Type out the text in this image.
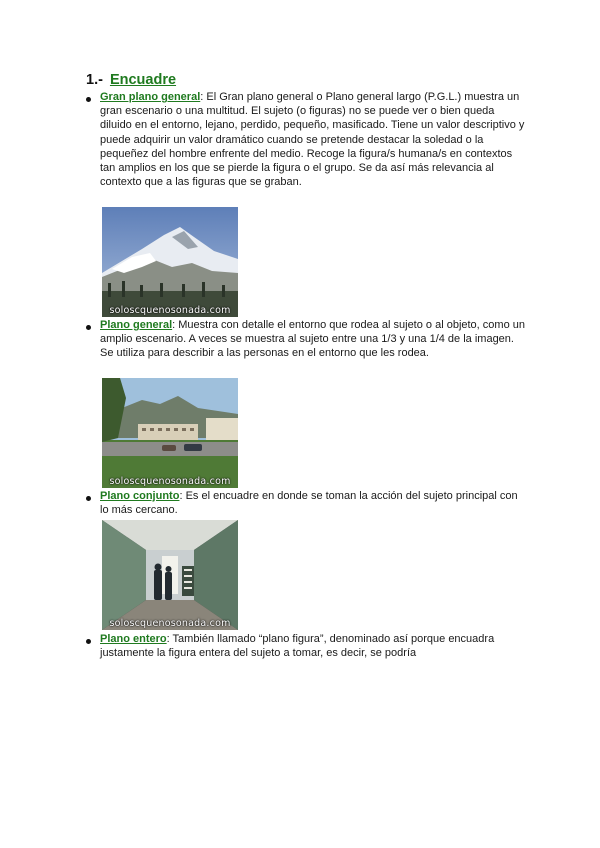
1.- Encuadre
Gran plano general: El Gran plano general o Plano general largo (P.G.L.) muestra un gran escenario o una multitud. El sujeto (o figuras) no se puede ver o bien queda diluido en el entorno, lejano, perdido, pequeño, masificado. Tiene un valor descriptivo y puede adquirir un valor dramático cuando se pretende destacar la soledad o la pequeñez del hombre enfrente del medio. Recoge la figura/s humana/s en contextos tan amplios en los que se pierde la figura o el grupo. Se da así más relevancia al contexto que a las figuras que se graban.
soloscquenosonada.com
Plano general: Muestra con detalle el entorno que rodea al sujeto o al objeto, como un amplio escenario. A veces se muestra al sujeto entre una 1/3 y una 1/4 de la imagen. Se utiliza para describir a las personas en el entorno que les rodea.
soloscquenosonada.com
Plano conjunto: Es el encuadre en donde se toman la acción del sujeto principal con lo más cercano.
soloscquenosonada.com
Plano entero: También llamado “plano figura”, denominado así porque encuadra justamente la figura entera del sujeto a tomar, es decir, se podría
